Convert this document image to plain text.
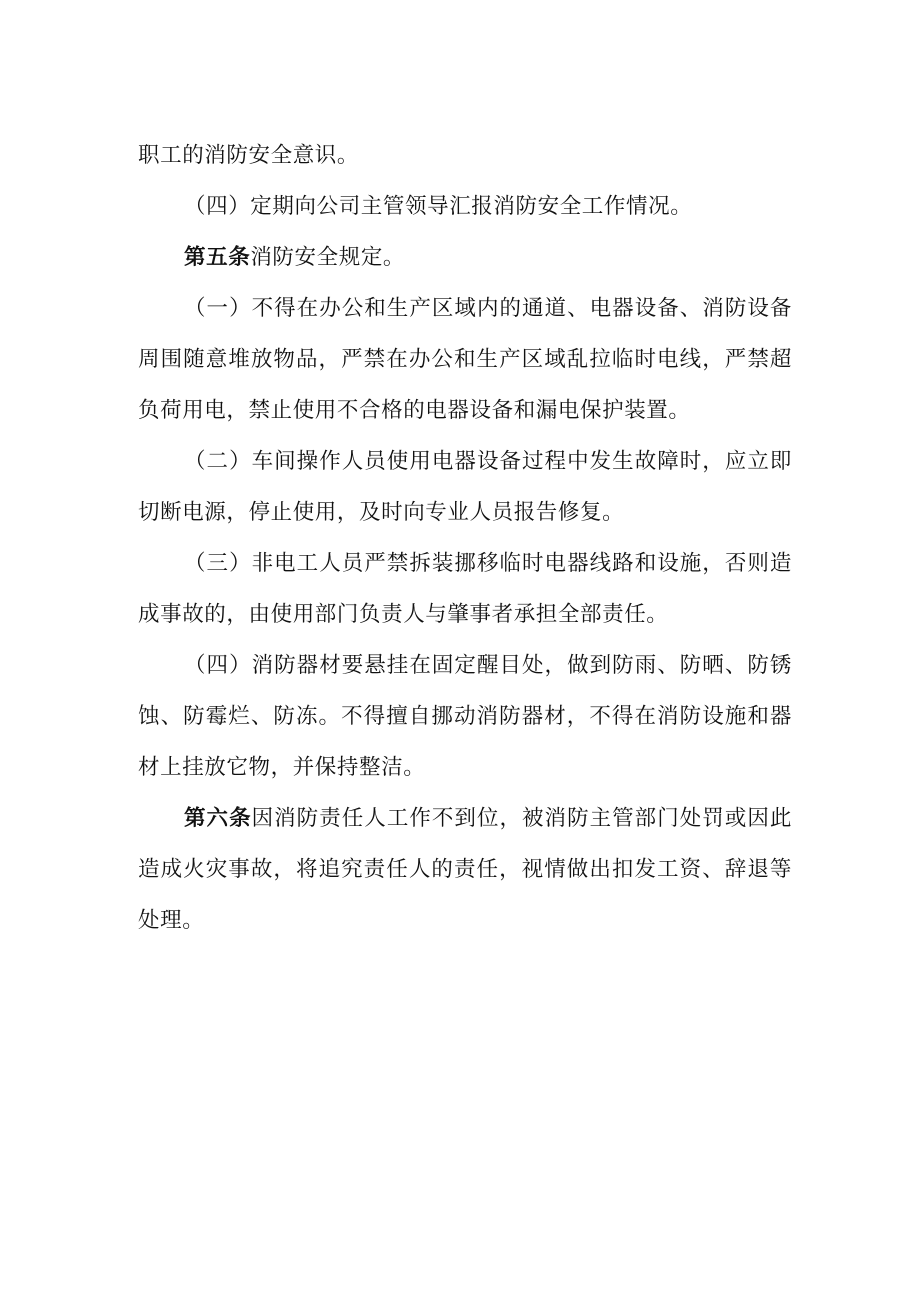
职工的消防安全意识。

（四）定期向公司主管领导汇报消防安全工作情况。

第五条消防安全规定。

（一）不得在办公和生产区域内的通道、电器设备、消防设备周围随意堆放物品，严禁在办公和生产区域乱拉临时电线，严禁超负荷用电，禁止使用不合格的电器设备和漏电保护装置。

（二）车间操作人员使用电器设备过程中发生故障时，应立即切断电源，停止使用，及时向专业人员报告修复。

（三）非电工人员严禁拆装挪移临时电器线路和设施，否则造成事故的，由使用部门负责人与肇事者承担全部责任。

（四）消防器材要悬挂在固定醒目处，做到防雨、防晒、防锈蚀、防霉烂、防冻。不得擅自挪动消防器材，不得在消防设施和器材上挂放它物，并保持整洁。

第六条因消防责任人工作不到位，被消防主管部门处罚或因此造成火灾事故，将追究责任人的责任，视情做出扣发工资、辞退等处理。
